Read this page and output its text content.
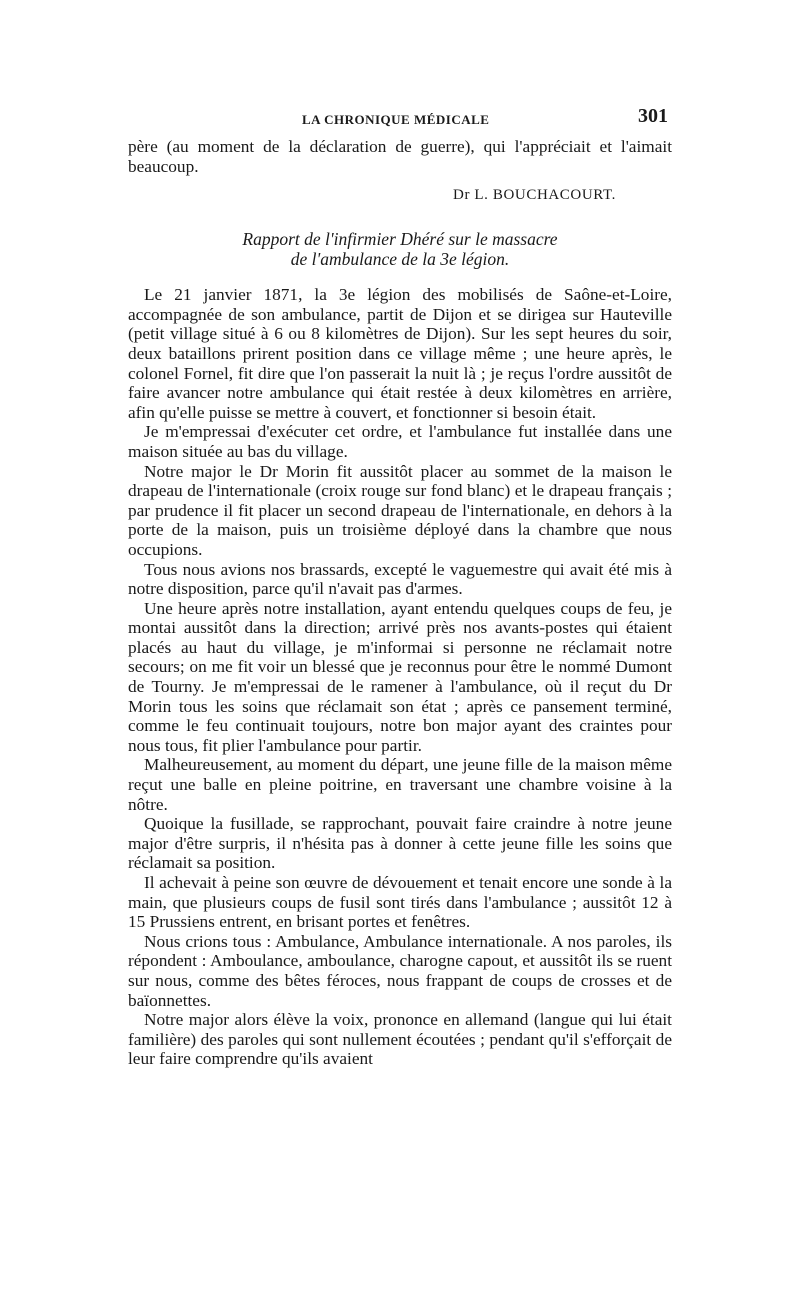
LA CHRONIQUE MÉDICALE	301

père (au moment de la déclaration de guerre), qui l'appréciait et l'aimait beaucoup.

Dr L. BOUCHACOURT.
Rapport de l'infirmier Dhéré sur le massacre
de l'ambulance de la 3e légion.

Le 21 janvier 1871, la 3e légion des mobilisés de Saône-et-Loire, accompagnée de son ambulance, partit de Dijon et se dirigea sur Hauteville (petit village situé à 6 ou 8 kilomètres de Dijon). Sur les sept heures du soir, deux bataillons prirent position dans ce village même ; une heure après, le colonel Fornel, fit dire que l'on passerait la nuit là ; je reçus l'ordre aussitôt de faire avancer notre ambulance qui était restée à deux kilomètres en arrière, afin qu'elle puisse se mettre à couvert, et fonctionner si besoin était.

Je m'empressai d'exécuter cet ordre, et l'ambulance fut installée dans une maison située au bas du village.

Notre major le Dr Morin fit aussitôt placer au sommet de la maison le drapeau de l'internationale (croix rouge sur fond blanc) et le drapeau français ; par prudence il fit placer un second drapeau de l'internationale, en dehors à la porte de la maison, puis un troisième déployé dans la chambre que nous occupions.

Tous nous avions nos brassards, excepté le vaguemestre qui avait été mis à notre disposition, parce qu'il n'avait pas d'armes.

Une heure après notre installation, ayant entendu quelques coups de feu, je montai aussitôt dans la direction; arrivé près nos avants-postes qui étaient placés au haut du village, je m'informai si personne ne réclamait notre secours; on me fit voir un blessé que je reconnus pour être le nommé Dumont de Tourny. Je m'empressai de le ramener à l'ambulance, où il reçut du Dr Morin tous les soins que réclamait son état ; après ce pansement terminé, comme le feu continuait toujours, notre bon major ayant des craintes pour nous tous, fit plier l'ambulance pour partir.

Malheureusement, au moment du départ, une jeune fille de la maison même reçut une balle en pleine poitrine, en traversant une chambre voisine à la nôtre.

Quoique la fusillade, se rapprochant, pouvait faire craindre à notre jeune major d'être surpris, il n'hésita pas à donner à cette jeune fille les soins que réclamait sa position.

Il achevait à peine son œuvre de dévouement et tenait encore une sonde à la main, que plusieurs coups de fusil sont tirés dans l'ambulance ; aussitôt 12 à 15 Prussiens entrent, en brisant portes et fenêtres.

Nous crions tous : Ambulance, Ambulance internationale. A nos paroles, ils répondent : Amboulance, amboulance, charogne capout, et aussitôt ils se ruent sur nous, comme des bêtes féroces, nous frappant de coups de crosses et de baïonnettes.

Notre major alors élève la voix, prononce en allemand (langue qui lui était familière) des paroles qui sont nullement écoutées ; pendant qu'il s'efforçait de leur faire comprendre qu'ils avaient
